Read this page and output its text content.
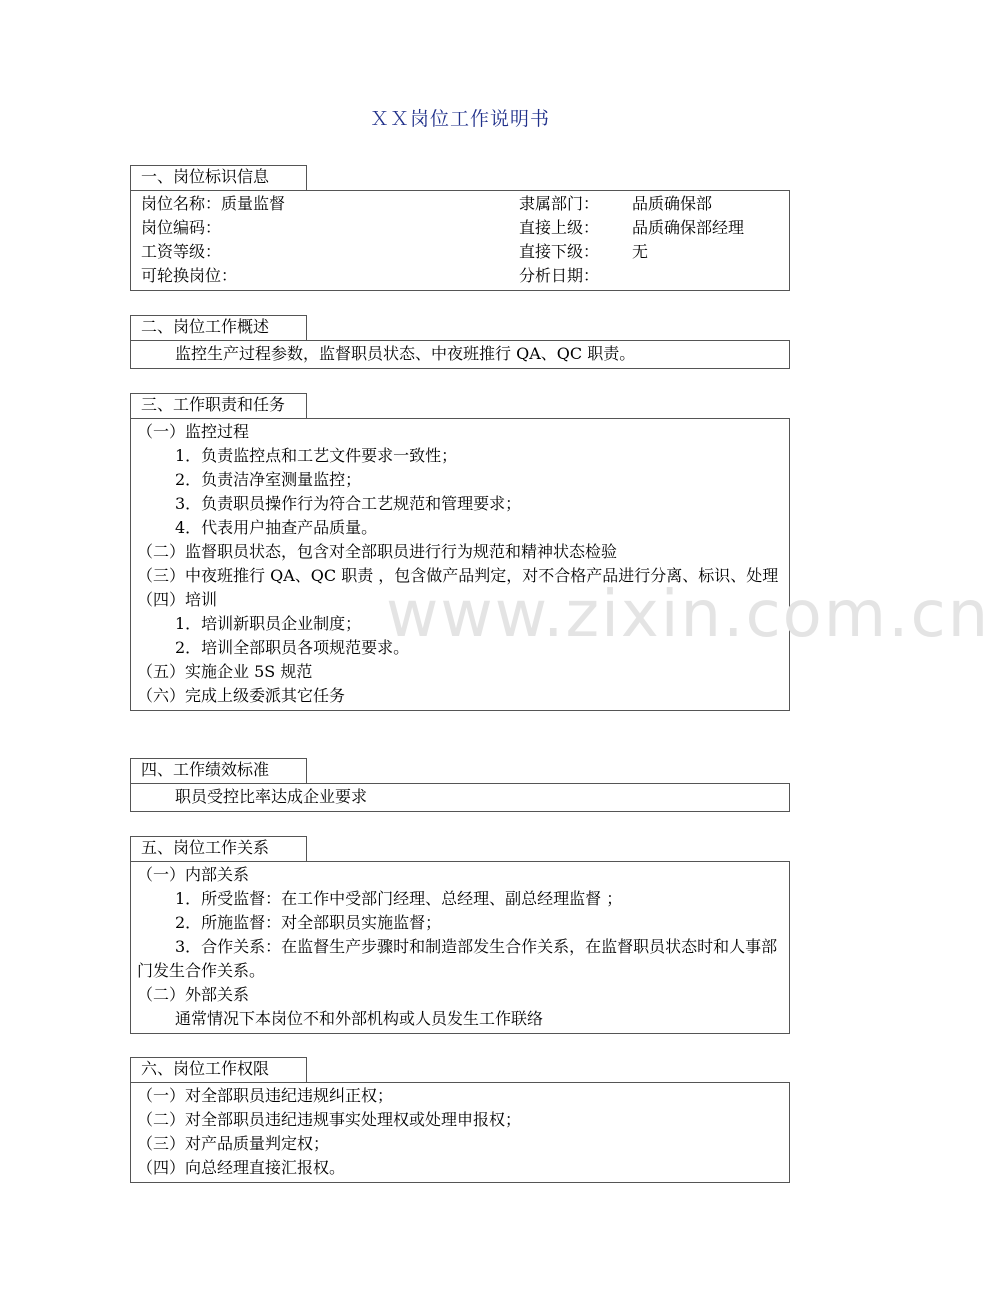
ＸＸ岗位工作说明书
一、岗位标识信息
岗位名称：质量监督	隶属部门：	品质确保部
岗位编码：	直接上级：	品质确保部经理
工资等级：	直接下级：	无
可轮换岗位：	分析日期：
二、岗位工作概述
监控生产过程参数，监督职员状态、中夜班推行 QA、QC 职责。
三、工作职责和任务
（一）监控过程
1．负责监控点和工艺文件要求一致性；
2．负责洁净室测量监控；
3．负责职员操作行为符合工艺规范和管理要求；
4．代表用户抽查产品质量。
（二）监督职员状态，包含对全部职员进行行为规范和精神状态检验
（三）中夜班推行 QA、QC 职责 ，包含做产品判定，对不合格产品进行分离、标识、处理
（四）培训
1．培训新职员企业制度；
2．培训全部职员各项规范要求。
（五）实施企业 5S 规范
（六）完成上级委派其它任务
四、工作绩效标准
职员受控比率达成企业要求
五、岗位工作关系
（一）内部关系
1．所受监督：在工作中受部门经理、总经理、副总经理监督 ；
2．所施监督：对全部职员实施监督；
3．合作关系：在监督生产步骤时和制造部发生合作关系，在监督职员状态时和人事部门发生合作关系。
（二）外部关系
通常情况下本岗位不和外部机构或人员发生工作联络
六、岗位工作权限
（一）对全部职员违纪违规纠正权；
（二）对全部职员违纪违规事实处理权或处理申报权；
（三）对产品质量判定权；
（四）向总经理直接汇报权。
www.zixin.com.cn
